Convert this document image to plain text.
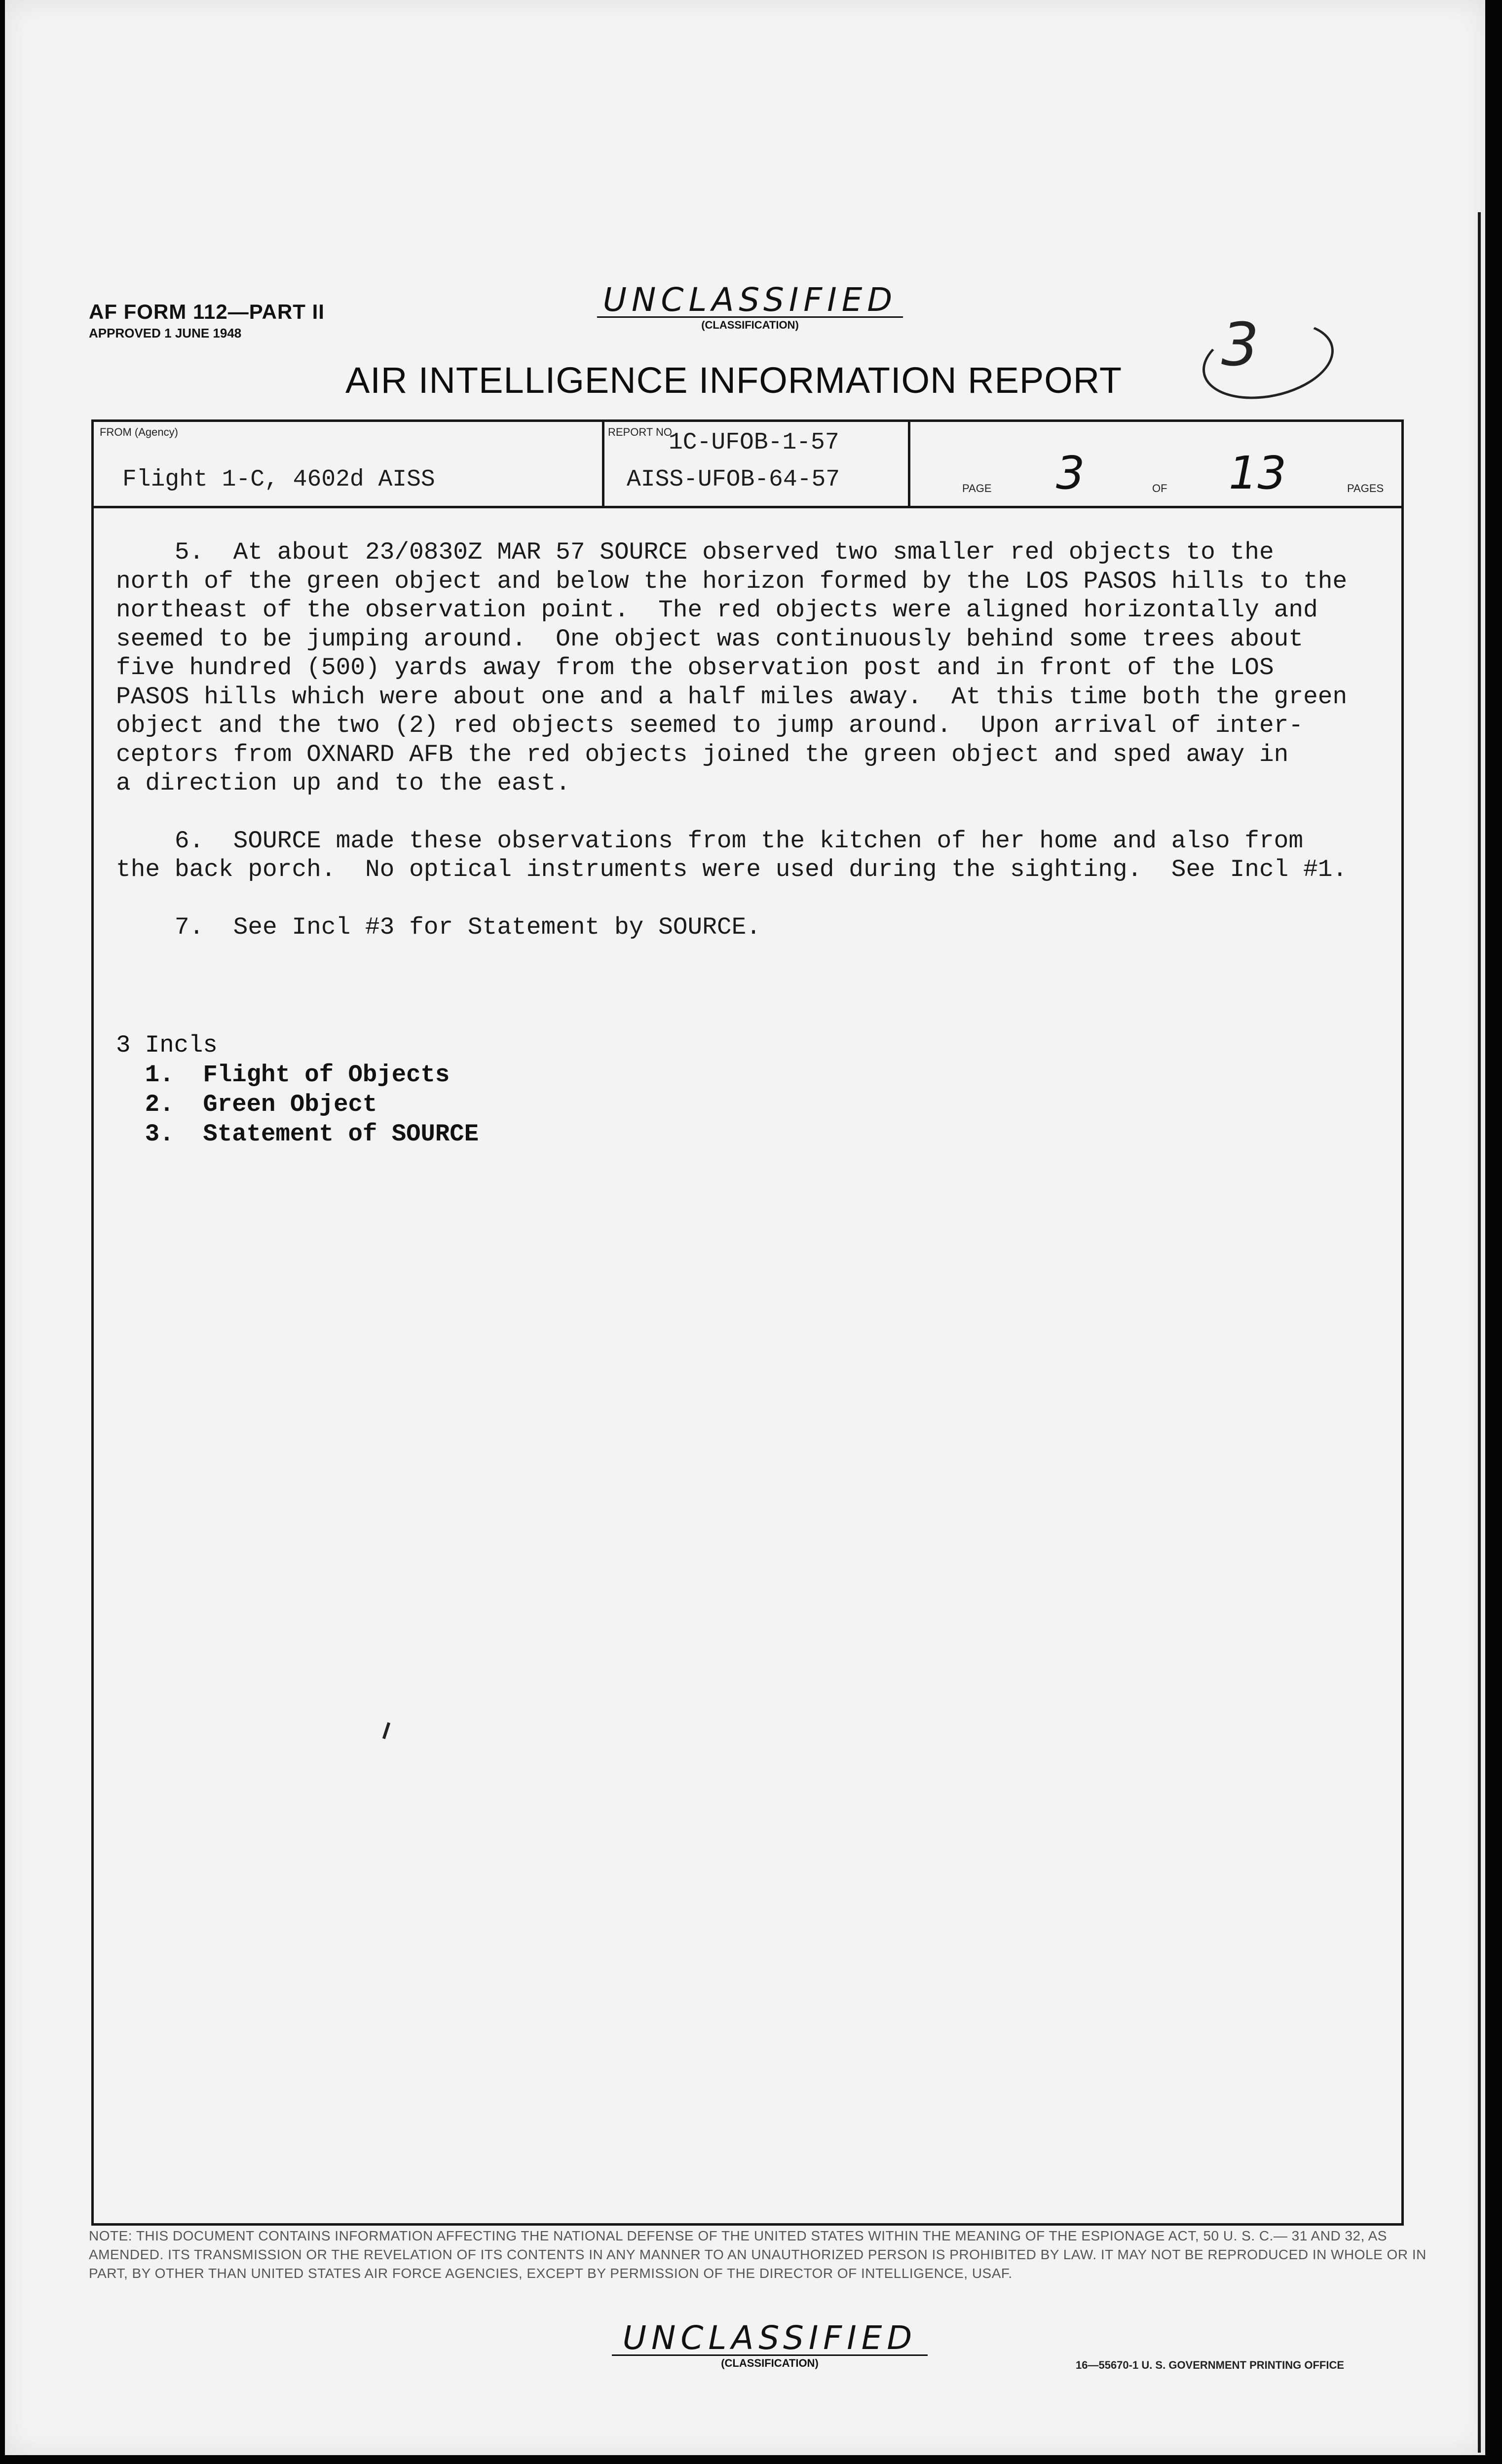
AF FORM 112—PART II
APPROVED 1 JUNE 1948
UNCLASSIFIED
(CLASSIFICATION)
AIR INTELLIGENCE INFORMATION REPORT
3
FROM (Agency)
Flight 1-C, 4602d AISS
REPORT NO.
1C-UFOB-1-57
AISS-UFOB-64-57	PAGE 3	OF 13	PAGES

5.  At about 23/0830Z MAR 57 SOURCE observed two smaller red objects to the
north of the green object and below the horizon formed by the LOS PASOS hills to the
northeast of the observation point.  The red objects were aligned horizontally and
seemed to be jumping around.  One object was continuously behind some trees about
five hundred (500) yards away from the observation post and in front of the LOS
PASOS hills which were about one and a half miles away.  At this time both the green
object and the two (2) red objects seemed to jump around.  Upon arrival of inter-
ceptors from OXNARD AFB the red objects joined the green object and sped away in
a direction up and to the east.

6.  SOURCE made these observations from the kitchen of her home and also from
the back porch.  No optical instruments were used during the sighting.  See Incl #1.

7.  See Incl #3 for Statement by SOURCE.

3 Incls
1.  Flight of Objects
2.  Green Object
3.  Statement of SOURCE
NOTE: THIS DOCUMENT CONTAINS INFORMATION AFFECTING THE NATIONAL DEFENSE OF THE UNITED STATES WITHIN THE MEANING OF THE ESPIONAGE ACT, 50 U. S. C.— 31 AND 32, AS AMENDED. ITS TRANSMISSION OR THE REVELATION OF ITS CONTENTS IN ANY MANNER TO AN UNAUTHORIZED PERSON IS PROHIBITED BY LAW. IT MAY NOT BE REPRODUCED IN WHOLE OR IN PART, BY OTHER THAN UNITED STATES AIR FORCE AGENCIES, EXCEPT BY PERMISSION OF THE DIRECTOR OF INTELLIGENCE, USAF.
UNCLASSIFIED
(CLASSIFICATION)	16—55670-1 U. S. GOVERNMENT PRINTING OFFICE
